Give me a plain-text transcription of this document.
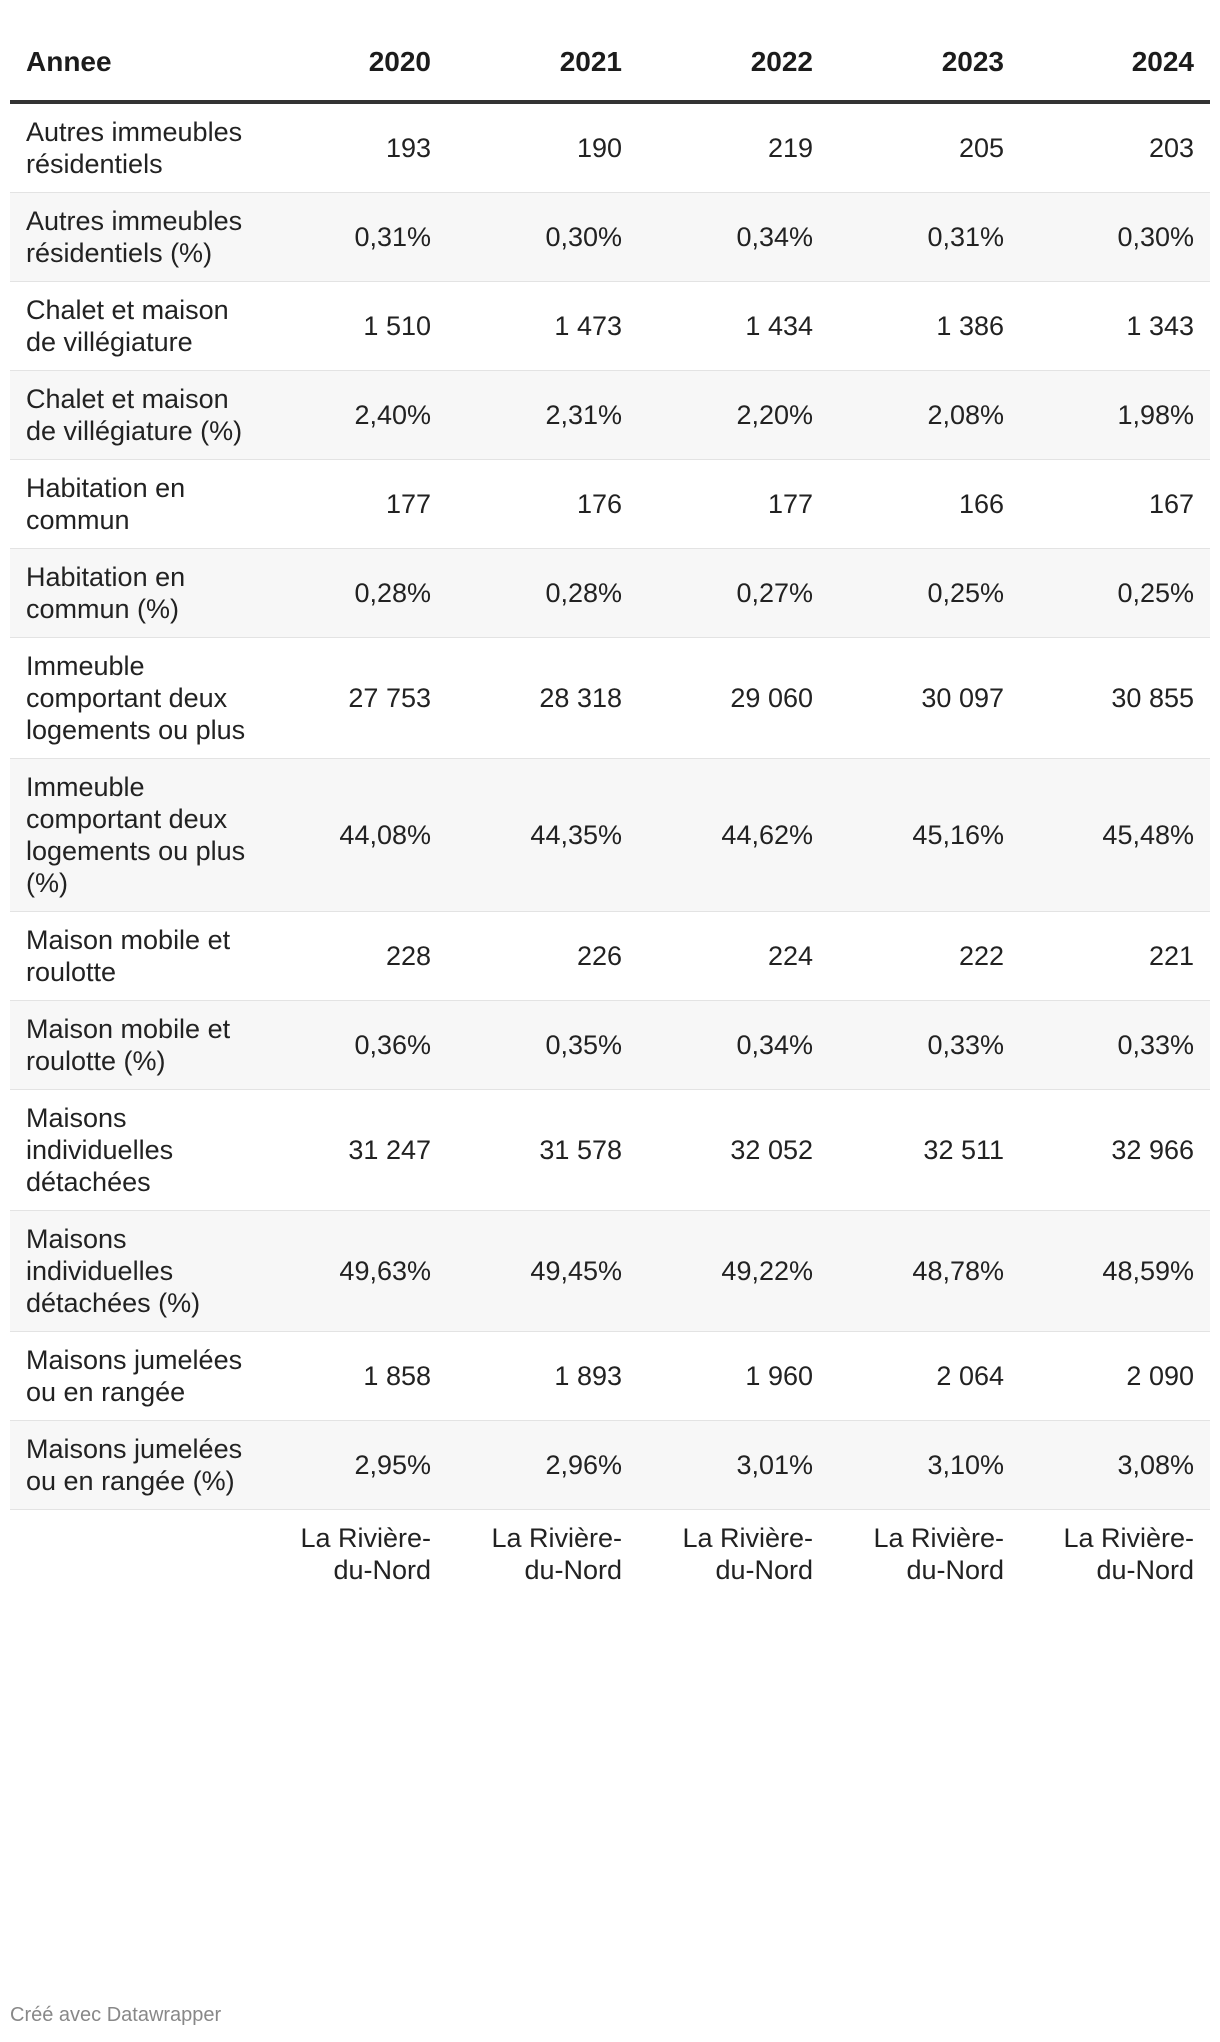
Annee	2020	2021	2022	2023	2024
Autres immeubles résidentiels	193	190	219	205	203
Autres immeubles résidentiels (%)	0,31%	0,30%	0,34%	0,31%	0,30%
Chalet et maison de villégiature	1 510	1 473	1 434	1 386	1 343
Chalet et maison de villégiature (%)	2,40%	2,31%	2,20%	2,08%	1,98%
Habitation en commun	177	176	177	166	167
Habitation en commun (%)	0,28%	0,28%	0,27%	0,25%	0,25%
Immeuble comportant deux logements ou plus	27 753	28 318	29 060	30 097	30 855
Immeuble comportant deux logements ou plus (%)	44,08%	44,35%	44,62%	45,16%	45,48%
Maison mobile et roulotte	228	226	224	222	221
Maison mobile et roulotte (%)	0,36%	0,35%	0,34%	0,33%	0,33%
Maisons individuelles détachées	31 247	31 578	32 052	32 511	32 966
Maisons individuelles détachées (%)	49,63%	49,45%	49,22%	48,78%	48,59%
Maisons jumelées ou en rangée	1 858	1 893	1 960	2 064	2 090
Maisons jumelées ou en rangée (%)	2,95%	2,96%	3,01%	3,10%	3,08%
	La Rivière-du-Nord	La Rivière-du-Nord	La Rivière-du-Nord	La Rivière-du-Nord	La Rivière-du-Nord
Créé avec Datawrapper
